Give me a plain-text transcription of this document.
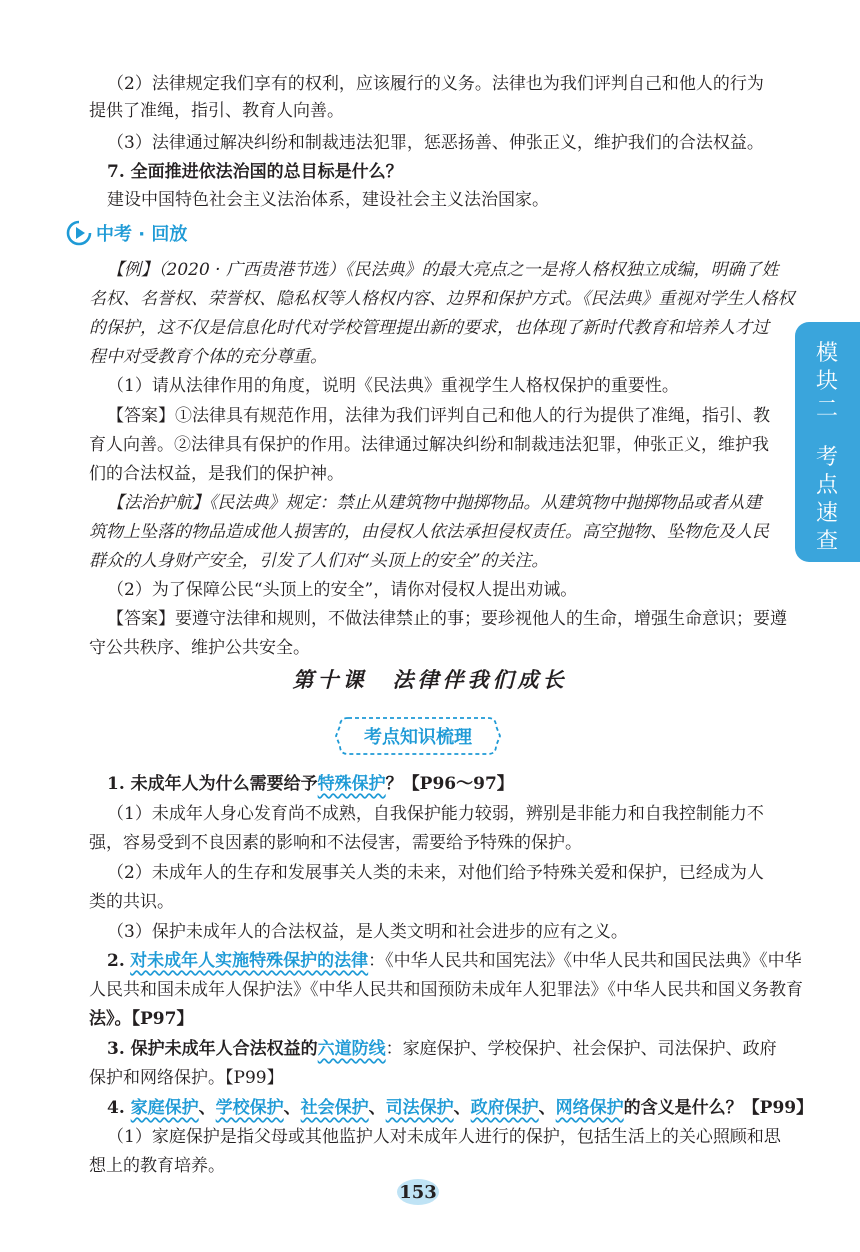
（2）法律规定我们享有的权利，应该履行的义务。法律也为我们评判自己和他人的行为
提供了准绳，指引、教育人向善。
（3）法律通过解决纠纷和制裁违法犯罪，惩恶扬善、伸张正义，维护我们的合法权益。
7. 全面推进依法治国的总目标是什么？
建设中国特色社会主义法治体系，建设社会主义法治国家。
中考 · 回放
【例】（2020 · 广西贵港节选）《民法典》的最大亮点之一是将人格权独立成编，明确了姓
名权、名誉权、荣誉权、隐私权等人格权内容、边界和保护方式。《民法典》重视对学生人格权
的保护，这不仅是信息化时代对学校管理提出新的要求，也体现了新时代教育和培养人才过
程中对受教育个体的充分尊重。
（1）请从法律作用的角度，说明《民法典》重视学生人格权保护的重要性。
【答案】①法律具有规范作用，法律为我们评判自己和他人的行为提供了准绳，指引、教
育人向善。②法律具有保护的作用。法律通过解决纠纷和制裁违法犯罪，伸张正义，维护我
们的合法权益，是我们的保护神。
【法治护航】《民法典》规定：禁止从建筑物中抛掷物品。从建筑物中抛掷物品或者从建
筑物上坠落的物品造成他人损害的，由侵权人依法承担侵权责任。高空抛物、坠物危及人民
群众的人身财产安全，引发了人们对“头顶上的安全”的关注。
（2）为了保障公民“头顶上的安全”，请你对侵权人提出劝诫。
【答案】要遵守法律和规则，不做法律禁止的事；要珍视他人的生命，增强生命意识；要遵
守公共秩序、维护公共安全。
第十课　法律伴我们成长
考点知识梳理
1. 未成年人为什么需要给予特殊保护？【P96～97】
（1）未成年人身心发育尚不成熟，自我保护能力较弱，辨别是非能力和自我控制能力不
强，容易受到不良因素的影响和不法侵害，需要给予特殊的保护。
（2）未成年人的生存和发展事关人类的未来，对他们给予特殊关爱和保护，已经成为人
类的共识。
（3）保护未成年人的合法权益，是人类文明和社会进步的应有之义。
2. 对未成年人实施特殊保护的法律：《中华人民共和国宪法》《中华人民共和国民法典》《中华
人民共和国未成年人保护法》《中华人民共和国预防未成年人犯罪法》《中华人民共和国义务教育
法》。【P97】
3. 保护未成年人合法权益的六道防线：家庭保护、学校保护、社会保护、司法保护、政府
保护和网络保护。【P99】
4. 家庭保护、学校保护、社会保护、司法保护、政府保护、网络保护的含义是什么？【P99】
（1）家庭保护是指父母或其他监护人对未成年人进行的保护，包括生活上的关心照顾和思
想上的教育培养。
模
块
二
考
点
速
查
153
